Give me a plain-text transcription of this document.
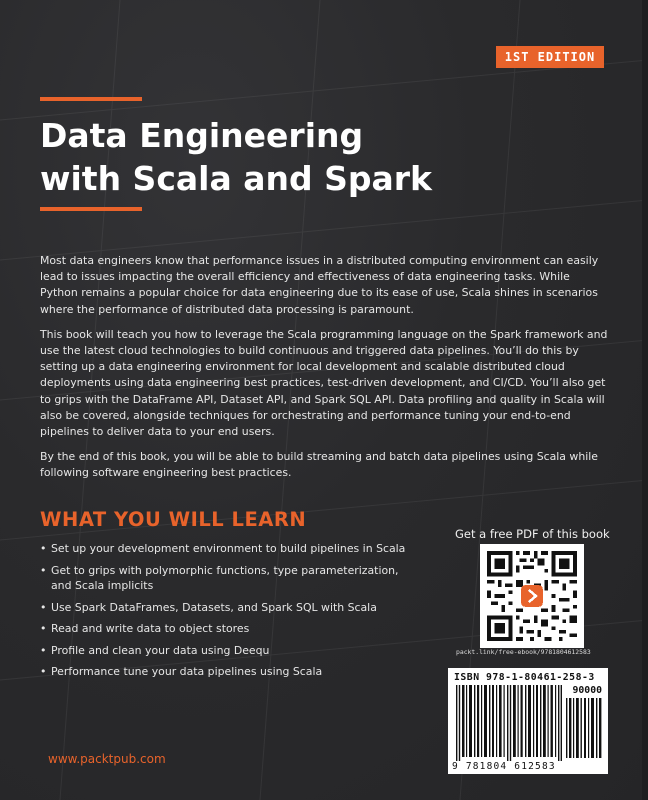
1ST EDITION
Data Engineering
with Scala and Spark

Most data engineers know that performance issues in a distributed computing environment can easily lead to issues impacting the overall efficiency and effectiveness of data engineering tasks. While Python remains a popular choice for data engineering due to its ease of use, Scala shines in scenarios where the performance of distributed data processing is paramount.

This book will teach you how to leverage the Scala programming language on the Spark framework and use the latest cloud technologies to build continuous and triggered data pipelines. You’ll do this by setting up a data engineering environment for local development and scalable distributed cloud deployments using data engineering best practices, test-driven development, and CI/CD. You’ll also get to grips with the DataFrame API, Dataset API, and Spark SQL API. Data profiling and quality in Scala will also be covered, alongside techniques for orchestrating and performance tuning your end-to-end pipelines to deliver data to your end users.

By the end of this book, you will be able to build streaming and batch data pipelines using Scala while following software engineering best practices.

WHAT YOU WILL LEARN
• Set up your development environment to build pipelines in Scala
• Get to grips with polymorphic functions, type parameterization, and Scala implicits
• Use Spark DataFrames, Datasets, and Spark SQL with Scala
• Read and write data to object stores
• Profile and clean your data using Deequ
• Performance tune your data pipelines using Scala
Get a free PDF of this book
packt.link/free-ebook/9781804612583
ISBN 978-1-80461-258-3
90000
9 781804 612583
www.packtpub.com
